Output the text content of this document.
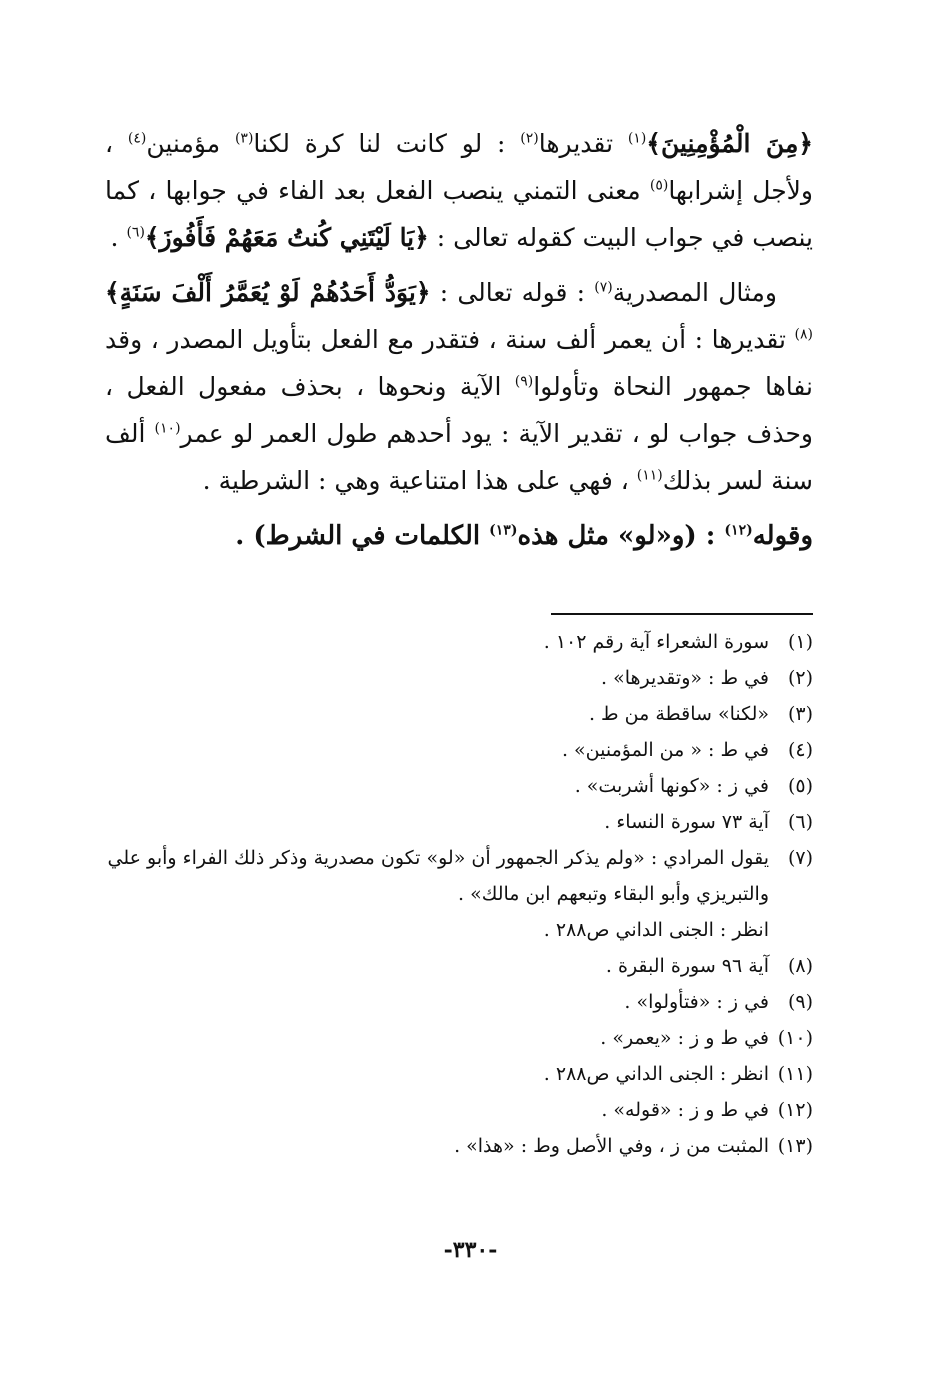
﴿مِنَ الْمُؤْمِنِينَ﴾$^{(١)}$ تقديرها$^{(٢)}$ : لو كانت لنا كرة لكنا$^{(٣)}$ مؤمنين$^{(٤)}$ ، ولأجل إشرابها$^{(٥)}$ معنى التمني ينصب الفعل بعد الفاء في جوابها ، كما ينصب في جواب البيت كقوله تعالى : ﴿يَا لَيْتَنِي كُنتُ مَعَهُمْ فَأَفُوزَ﴾$^{(٦)}$ .

ومثال المصدرية$^{(٧)}$ : قوله تعالى : ﴿يَوَدُّ أَحَدُهُمْ لَوْ يُعَمَّرُ أَلْفَ سَنَةٍ﴾$^{(٨)}$ تقديرها : أن يعمر ألف سنة ، فتقدر مع الفعل بتأويل المصدر ، وقد نفاها جمهور النحاة وتأولوا$^{(٩)}$ الآية ونحوها ، بحذف مفعول الفعل ، وحذف جواب لو ، تقدير الآية : يود أحدهم طول العمر لو عمر$^{(١٠)}$ ألف سنة لسر بذلك$^{(١١)}$ ، فهي على هذا امتناعية وهي : الشرطية .

وقوله$^{(١٢)}$ : (و«لو» مثل هذه$^{(١٣)}$ الكلمات في الشرط) .

(١)
سورة الشعراء آية رقم ١٠٢ .
(٢)
في ط : «وتقديرها» .
(٣)
«لكنا» ساقطة من ط .
(٤)
في ط : « من المؤمنين» .
(٥)
في ز : «كونها أشربت» .
(٦)
آية ٧٣ سورة النساء .
(٧)
يقول المرادي : «ولم يذكر الجمهور أن «لو» تكون مصدرية وذكر ذلك الفراء وأبو علي والتبريزي وأبو البقاء وتبعهم ابن مالك» .
انظر : الجنى الداني ص٢٨٨ .
(٨)
آية ٩٦ سورة البقرة .
(٩)
في ز : «فتأولوا» .
(١٠)
في ط و ز : «يعمر» .
(١١)
انظر : الجنى الداني ص٢٨٨ .
(١٢)
في ط و ز : «قوله» .
(١٣)
المثبت من ز ، وفي الأصل وط : «هذا» .
-٣٣٠-
